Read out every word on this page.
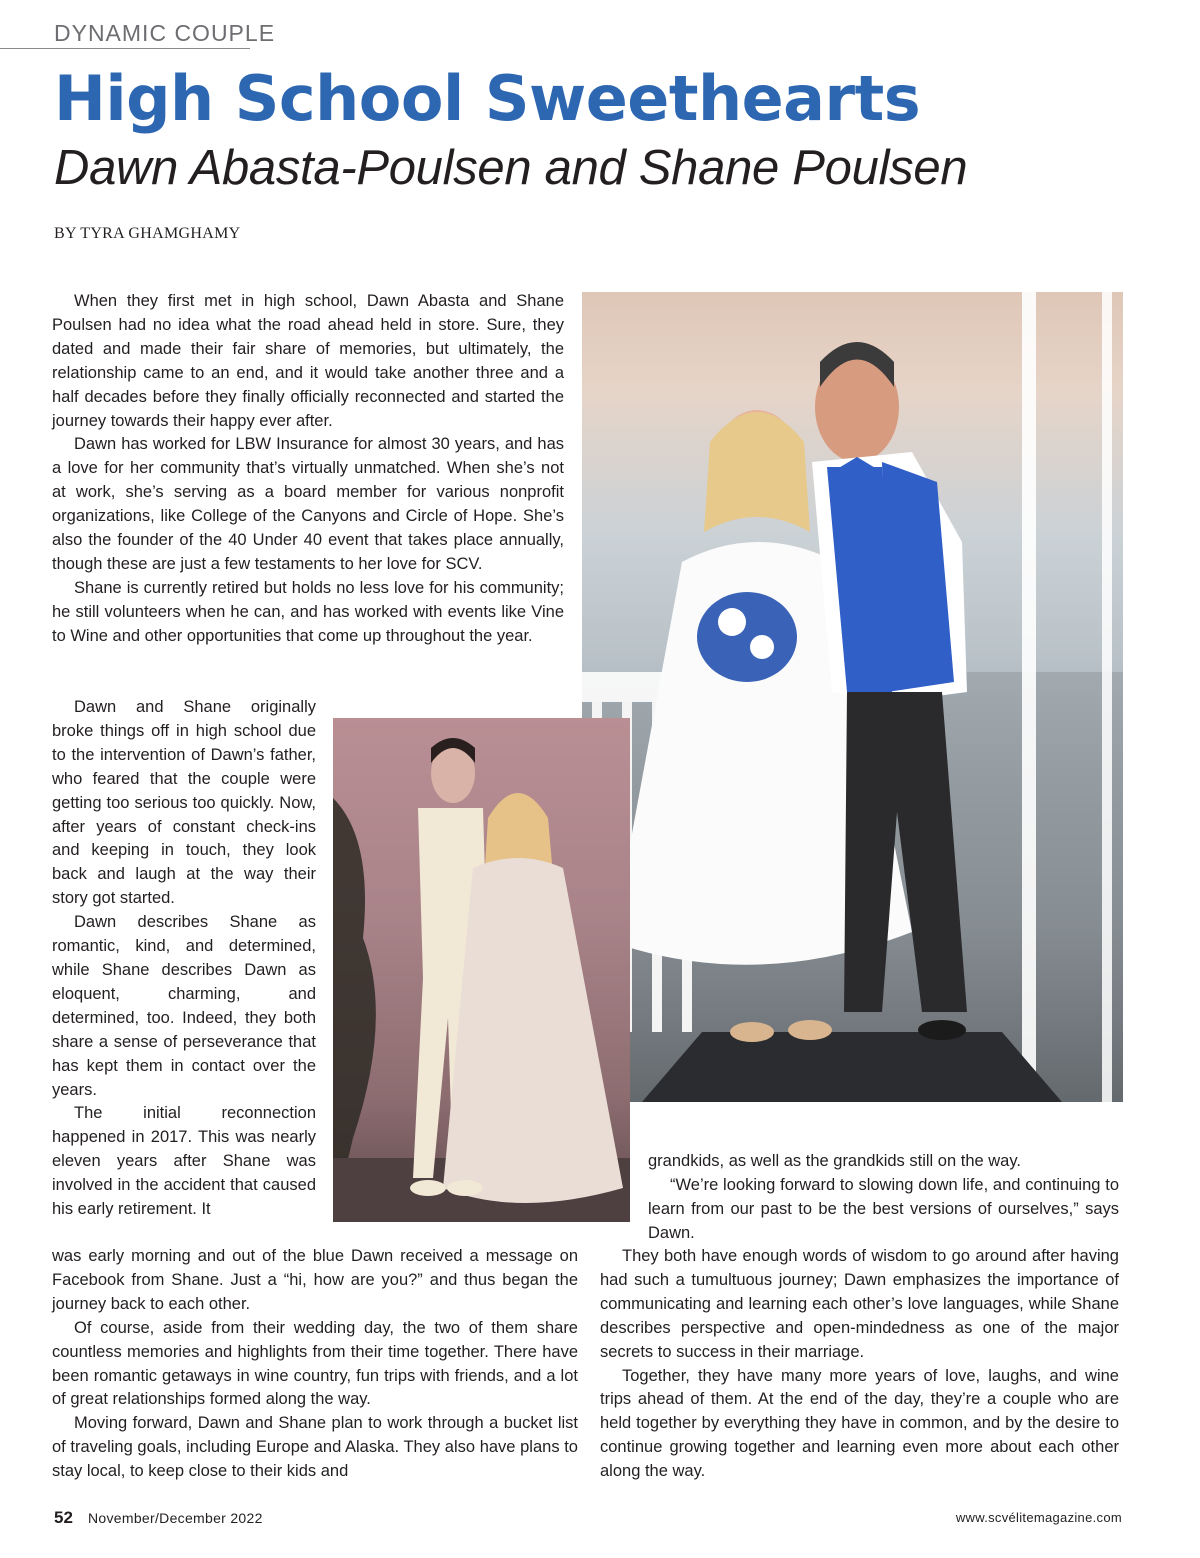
DYNAMIC COUPLE
High School Sweethearts
Dawn Abasta-Poulsen and Shane Poulsen
BY TYRA GHAMGHAMY

When they first met in high school, Dawn Abasta and Shane Poulsen had no idea what the road ahead held in store. Sure, they dated and made their fair share of memories, but ultimately, the relationship came to an end, and it would take another three and a half decades before they finally officially reconnected and started the journey towards their happy ever after.

Dawn has worked for LBW Insurance for almost 30 years, and has a love for her community that’s virtually unmatched. When she’s not at work, she’s serving as a board member for various nonprofit organizations, like College of the Canyons and Circle of Hope. She’s also the founder of the 40 Under 40 event that takes place annually, though these are just a few testaments to her love for SCV.

Shane is currently retired but holds no less love for his community; he still volunteers when he can, and has worked with events like Vine to Wine and other opportunities that come up throughout the year.

Dawn and Shane originally broke things off in high school due to the intervention of Dawn’s father, who feared that the couple were getting too serious too quickly. Now, after years of constant check-ins and keeping in touch, they look back and laugh at the way their story got started.

Dawn describes Shane as romantic, kind, and determined, while Shane describes Dawn as eloquent, charming, and determined, too. Indeed, they both share a sense of perseverance that has kept them in contact over the years.

The initial reconnection happened in 2017. This was nearly eleven years after Shane was involved in the accident that caused his early retirement. It

was early morning and out of the blue Dawn received a message on Facebook from Shane. Just a “hi, how are you?” and thus began the journey back to each other.

Of course, aside from their wedding day, the two of them share countless memories and highlights from their time together. There have been romantic getaways in wine country, fun trips with friends, and a lot of great relationships formed along the way.

Moving forward, Dawn and Shane plan to work through a bucket list of traveling goals, including Europe and Alaska. They also have plans to stay local, to keep close to their kids and

grandkids, as well as the grandkids still on the way.

“We’re looking forward to slowing down life, and continuing to learn from our past to be the best versions of ourselves,” says Dawn.

They both have enough words of wisdom to go around after having had such a tumultuous journey; Dawn emphasizes the importance of communicating and learning each other’s love languages, while Shane describes perspective and open-mindedness as one of the major secrets to success in their marriage.

Together, they have many more years of love, laughs, and wine trips ahead of them. At the end of the day, they’re a couple who are held together by everything they have in common, and by the desire to continue growing together and learning even more about each other along the way.

52 November/December 2022	www.scvélitemagazine.com
